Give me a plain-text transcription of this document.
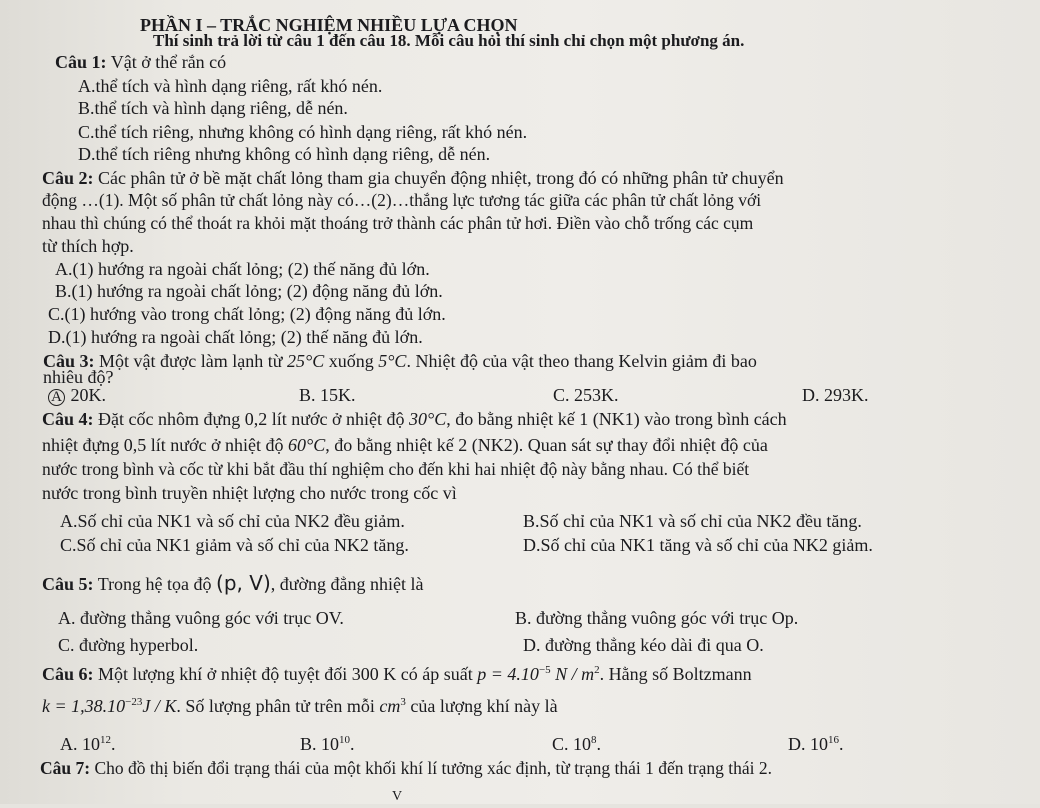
PHẦN I – TRẮC NGHIỆM NHIỀU LỰA CHỌN
Thí sinh trả lời từ câu 1 đến câu 18. Mỗi câu hỏi thí sinh chỉ chọn một phương án.
Câu 1: Vật ở thể rắn có
A.thể tích và hình dạng riêng, rất khó nén.
B.thể tích và hình dạng riêng, dễ nén.
C.thể tích riêng, nhưng không có hình dạng riêng, rất khó nén.
D.thể tích riêng nhưng không có hình dạng riêng, dễ nén.
Câu 2: Các phân tử ở bề mặt chất lỏng tham gia chuyển động nhiệt, trong đó có những phân tử chuyển
động …(1). Một số phân tử chất lỏng này có…(2)…thắng lực tương tác giữa các phân tử chất lỏng với
nhau thì chúng có thể thoát ra khỏi mặt thoáng trở thành các phân tử hơi. Điền vào chỗ trống các cụm
từ thích hợp.
A.(1) hướng ra ngoài chất lỏng; (2) thế năng đủ lớn.
B.(1) hướng ra ngoài chất lỏng; (2) động năng đủ lớn.
C.(1) hướng vào trong chất lỏng; (2) động năng đủ lớn.
D.(1) hướng ra ngoài chất lỏng; (2) thế năng đủ lớn.
Câu 3: Một vật được làm lạnh từ 25°C xuống 5°C. Nhiệt độ của vật theo thang Kelvin giảm đi bao
nhiêu độ?
A 20K.	B. 15K.	C. 253K.	D. 293K.
Câu 4: Đặt cốc nhôm đựng 0,2 lít nước ở nhiệt độ 30°C, đo bằng nhiệt kế 1 (NK1) vào trong bình cách
nhiệt đựng 0,5 lít nước ở nhiệt độ 60°C, đo bằng nhiệt kế 2 (NK2). Quan sát sự thay đổi nhiệt độ của
nước trong bình và cốc từ khi bắt đầu thí nghiệm cho đến khi hai nhiệt độ này bằng nhau. Có thể biết
nước trong bình truyền nhiệt lượng cho nước trong cốc vì
A.Số chỉ của NK1 và số chỉ của NK2 đều giảm.	B.Số chỉ của NK1 và số chỉ của NK2 đều tăng.
C.Số chỉ của NK1 giảm và số chỉ của NK2 tăng.	D.Số chỉ của NK1 tăng và số chỉ của NK2 giảm.
Câu 5: Trong hệ tọa độ (p, V), đường đẳng nhiệt là
A. đường thẳng vuông góc với trục OV.	B. đường thẳng vuông góc với trục Op.
C. đường hyperbol.	D. đường thẳng kéo dài đi qua O.
Câu 6: Một lượng khí ở nhiệt độ tuyệt đối 300 K có áp suất $p = 4.10^{-5}$ N / $m^2$. Hằng số Boltzmann
$k = 1,38.10^{-23}J / K$. Số lượng phân tử trên mỗi $cm^3$ của lượng khí này là
A. $10^{12}$.	B. $10^{10}$.	C. $10^8$.	D. $10^{16}$.
Câu 7: Cho đồ thị biến đổi trạng thái của một khối khí lí tưởng xác định, từ trạng thái 1 đến trạng thái 2.
V
